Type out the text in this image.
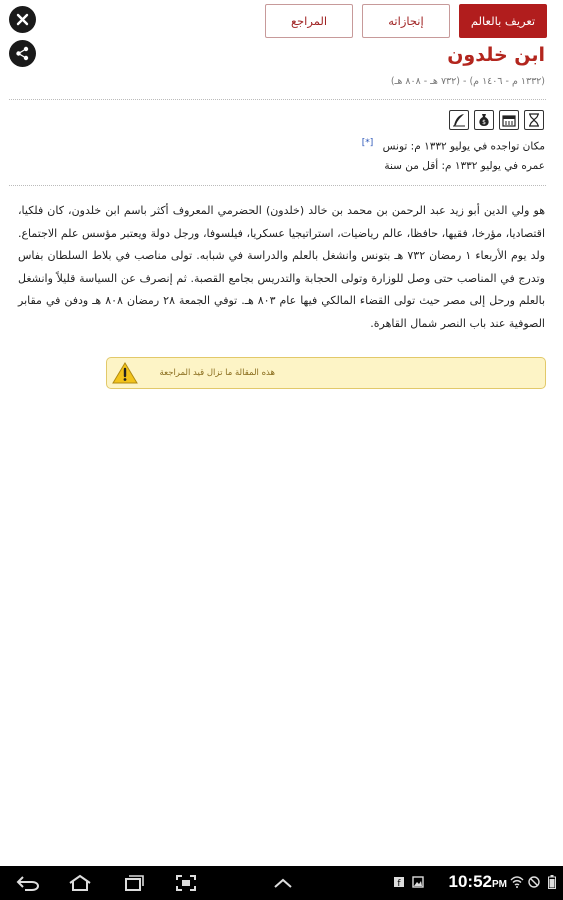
تعريف بالعالم
إنجازاته
المراجع
ابن خلدون
(١٣٣٢ م - ١٤٠٦ م) - (٧٣٢ هـ - ٨٠٨ هـ)
$
مكان تواجده في يوليو ١٣٣٢ م: تونس [*]
عمره في يوليو ١٣٣٢ م: أقل من سنة
هو ولي الدين أبو زيد عبد الرحمن بن محمد بن خالد (خلدون) الحضرمي المعروف أكثر باسم ابن خلدون، كان فلكيا، اقتصاديا، مؤرخا، فقيها، حافظا، عالم رياضيات، استراتيجيا عسكريا، فيلسوفا، ورجل دولة ويعتبر مؤسس علم الاجتماع. ولد يوم الأربعاء ١ رمضان ٧٣٢ هـ بتونس وانشغل بالعلم والدراسة في شبابه. تولى مناصب في بلاط السلطان بفاس وتدرج في المناصب حتى وصل للوزارة وتولى الحجابة والتدريس بجامع القصبة. ثم إنصرف عن السياسة قليلاً وانشغل بالعلم ورحل إلى مصر حيث تولى القضاء المالكي فيها عام ٨٠٣ هـ. توفي الجمعة ٢٨ رمضان ٨٠٨ هـ ودفن في مقابر الصوفية عند باب النصر شمال القاهرة.
هذه المقالة ما تزال قيد المراجعة
f	10:52PM
